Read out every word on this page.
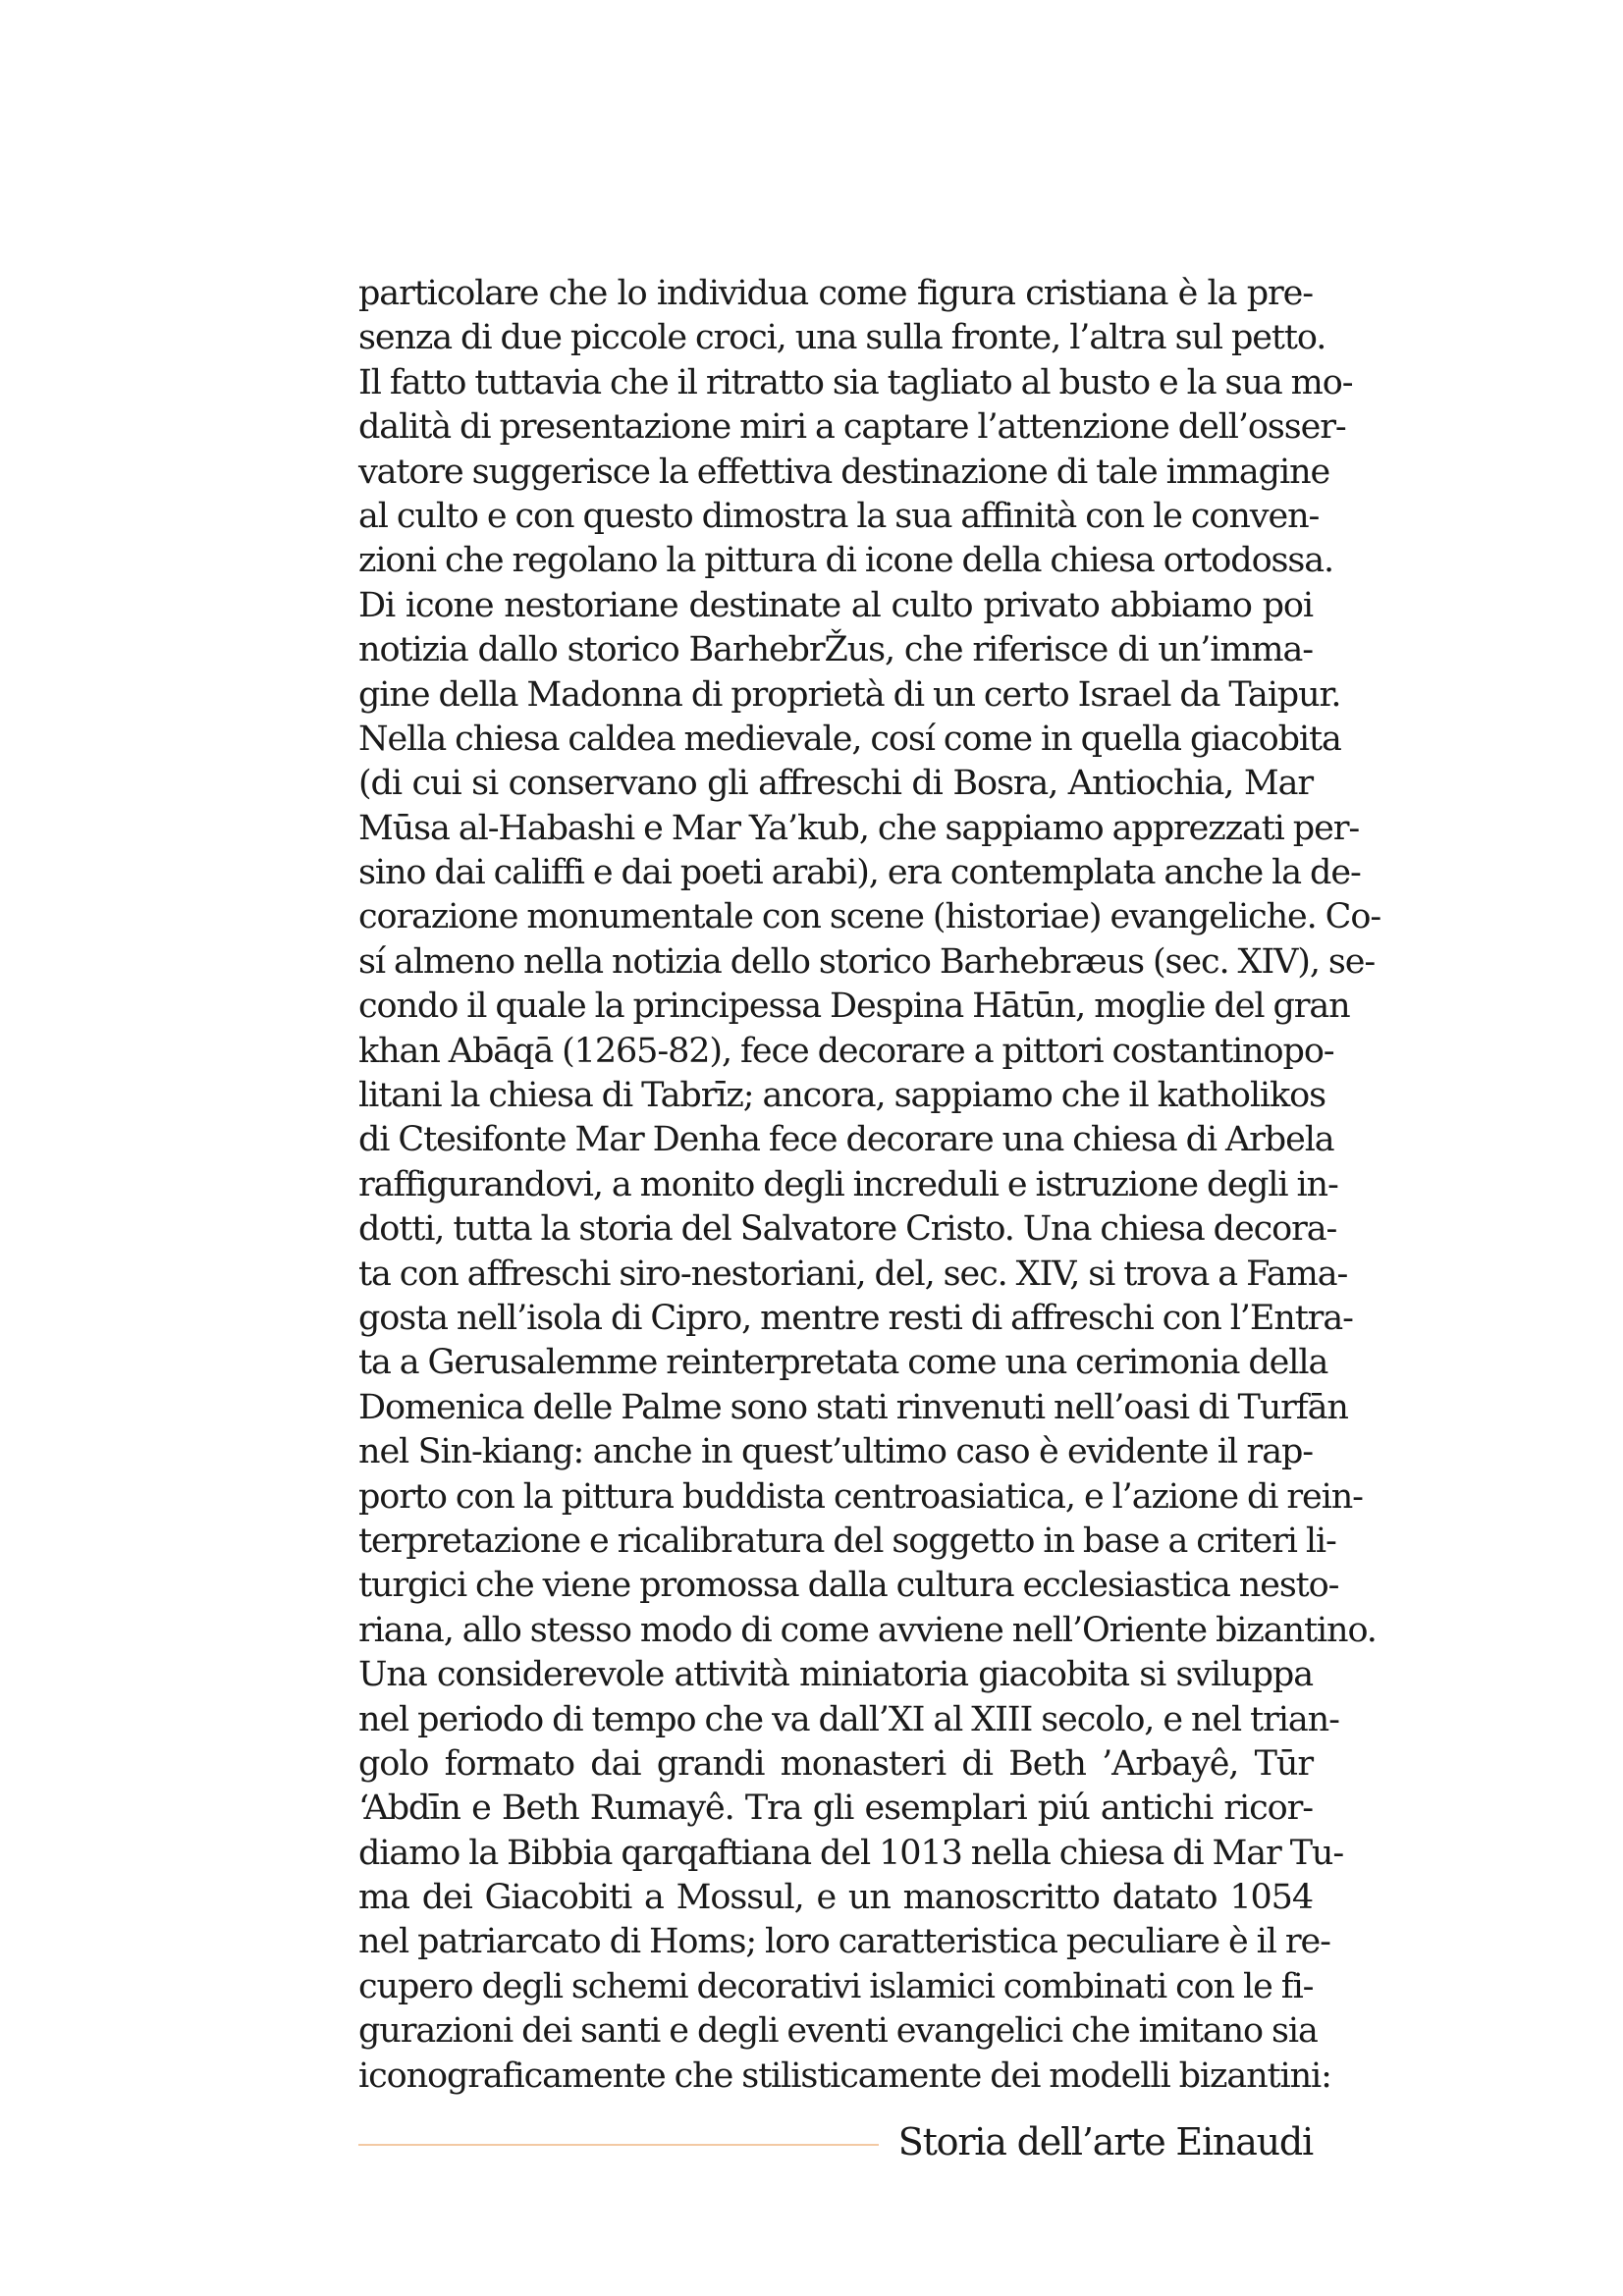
particolare che lo individua come figura cristiana è la pre-
senza di due piccole croci, una sulla fronte, l’altra sul petto.
Il fatto tuttavia che il ritratto sia tagliato al busto e la sua mo-
dalità di presentazione miri a captare l’attenzione dell’osser-
vatore suggerisce la effettiva destinazione di tale immagine
al culto e con questo dimostra la sua affinità con le conven-
zioni che regolano la pittura di icone della chiesa ortodossa.
Di icone nestoriane destinate al culto privato abbiamo poi
notizia dallo storico BarhebrŽus, che riferisce di un’imma-
gine della Madonna di proprietà di un certo Israel da Taipur.
Nella chiesa caldea medievale, cosí come in quella giacobita
(di cui si conservano gli affreschi di Bosra, Antiochia, Mar
Mūsa al-Habashi e Mar Ya’kub, che sappiamo apprezzati per-
sino dai califfi e dai poeti arabi), era contemplata anche la de-
corazione monumentale con scene (historiae) evangeliche. Co-
sí almeno nella notizia dello storico Barhebræus (sec. XIV), se-
condo il quale la principessa Despina Hātūn, moglie del gran
khan Abāqā (1265-82), fece decorare a pittori costantinopo-
litani la chiesa di Tabrīz; ancora, sappiamo che il katholikos
di Ctesifonte Mar Denha fece decorare una chiesa di Arbela
raffigurandovi, a monito degli increduli e istruzione degli in-
dotti, tutta la storia del Salvatore Cristo. Una chiesa decora-
ta con affreschi siro-nestoriani, del, sec. XIV, si trova a Fama-
gosta nell’isola di Cipro, mentre resti di affreschi con l’Entra-
ta a Gerusalemme reinterpretata come una cerimonia della
Domenica delle Palme sono stati rinvenuti nell’oasi di Turfān
nel Sin-kiang: anche in quest’ultimo caso è evidente il rap-
porto con la pittura buddista centroasiatica, e l’azione di rein-
terpretazione e ricalibratura del soggetto in base a criteri li-
turgici che viene promossa dalla cultura ecclesiastica nesto-
riana, allo stesso modo di come avviene nell’Oriente bizantino.
Una considerevole attività miniatoria giacobita si sviluppa
nel periodo di tempo che va dall’XI al XIII secolo, e nel trian-
golo formato dai grandi monasteri di Beth ’Arbayê, Tūr
‘Abdīn e Beth Rumayê. Tra gli esemplari piú antichi ricor-
diamo la Bibbia qarqaftiana del 1013 nella chiesa di Mar Tu-
ma dei Giacobiti a Mossul, e un manoscritto datato 1054
nel patriarcato di Homs; loro caratteristica peculiare è il re-
cupero degli schemi decorativi islamici combinati con le fi-
gurazioni dei santi e degli eventi evangelici che imitano sia
iconograficamente che stilisticamente dei modelli bizantini:
Storia dell’arte Einaudi
